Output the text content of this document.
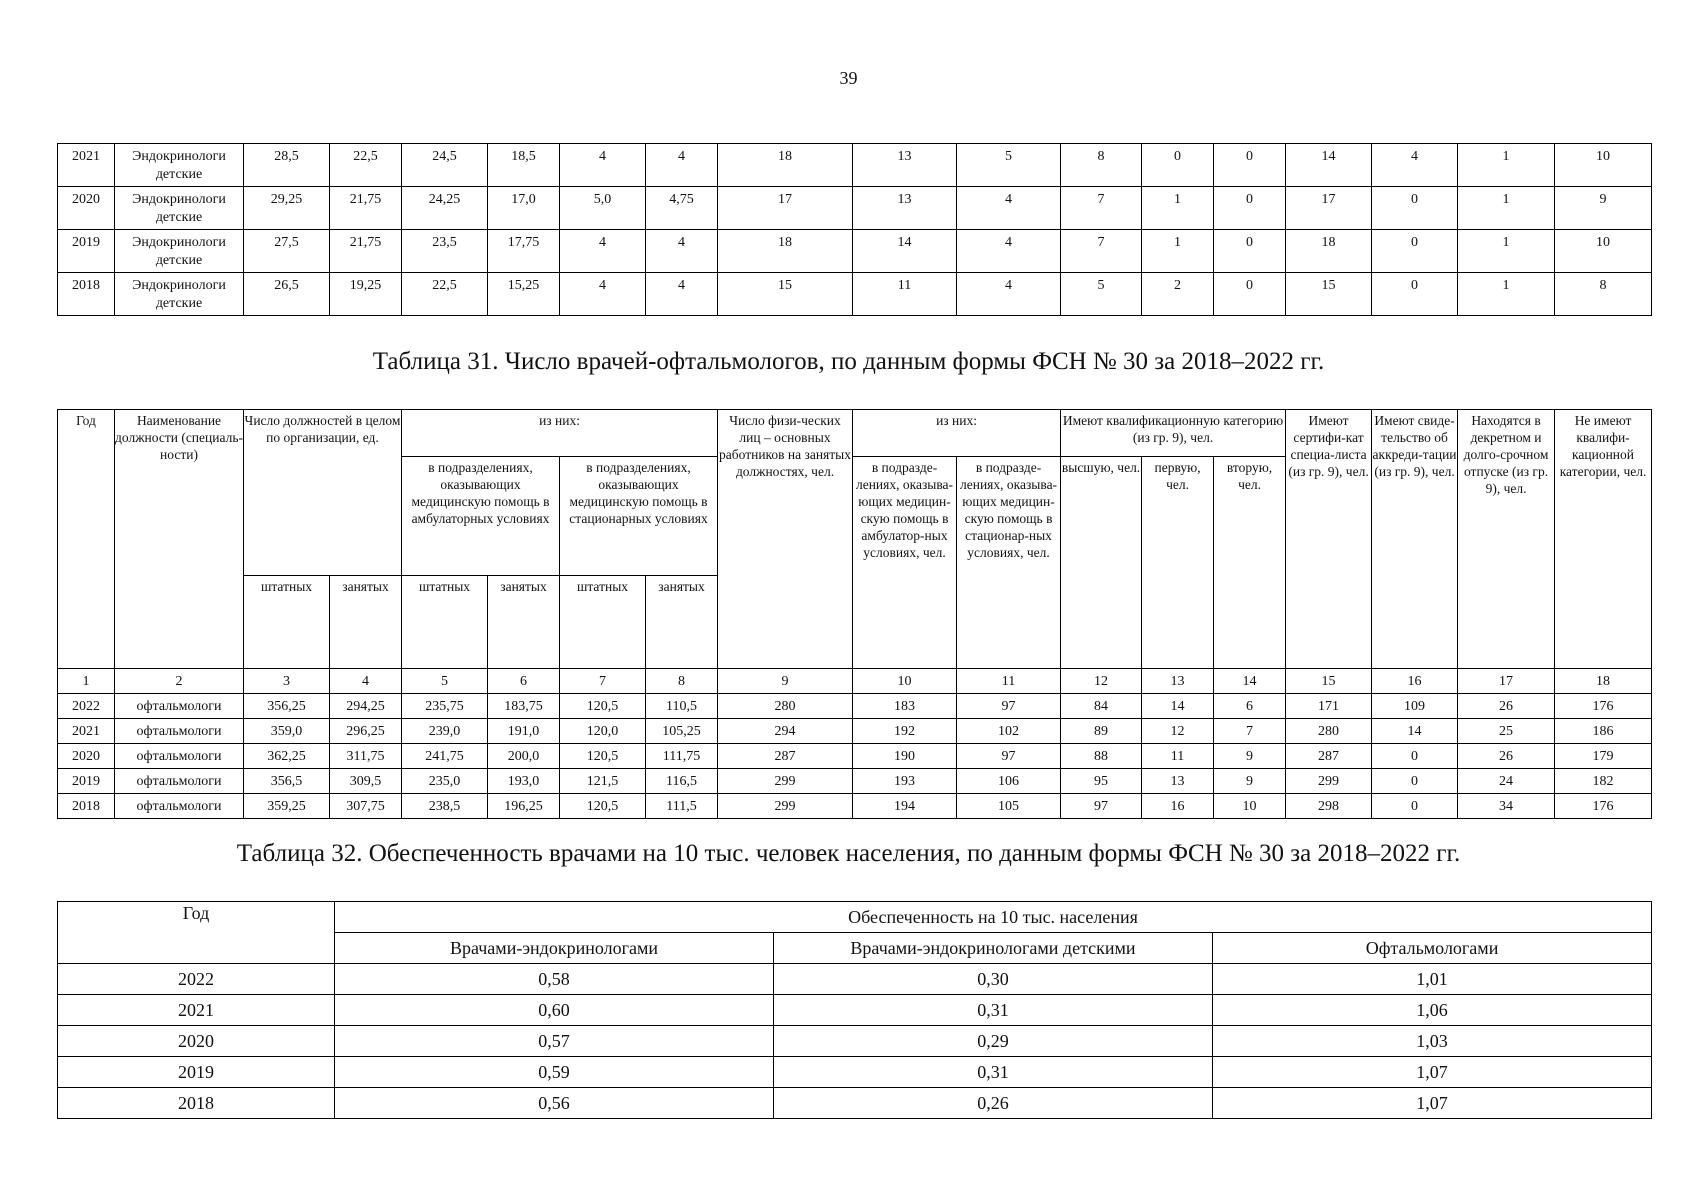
39
2021	Эндокринологи детские	28,5	22,5	24,5	18,5	4	4	18	13	5	8	0	0	14	4	1	10
2020	Эндокринологи детские	29,25	21,75	24,25	17,0	5,0	4,75	17	13	4	7	1	0	17	0	1	9
2019	Эндокринологи детские	27,5	21,75	23,5	17,75	4	4	18	14	4	7	1	0	18	0	1	10
2018	Эндокринологи детские	26,5	19,25	22,5	15,25	4	4	15	11	4	5	2	0	15	0	1	8
Таблица 31. Число врачей-офтальмологов, по данным формы ФСН № 30 за 2018–2022 гг.
Год	Наименование должности (специаль-ности)	Число должностей в целом по организации, ед.		из них:				Число физи-ческих лиц – основных работников на занятых должностях, чел.	из них:		Имеют квалификационную категорию (из гр. 9), чел.			Имеют сертифи-кат специа-листа (из гр. 9), чел.	Имеют свиде-тельство об аккреди-тации (из гр. 9), чел.	Находятся в декретном и долго-срочном отпуске (из гр. 9), чел.	Не имеют квалифи-кационной категории, чел.
				в подразделениях, оказывающих медицинскую помощь в амбулаторных условиях		в подразделениях, оказывающих медицинскую помощь в стационарных условиях			в подразде-лениях, оказыва-ющих медицин-скую помощь в амбулатор-ных условиях, чел.	в подразде-лениях, оказыва-ющих медицин-скую помощь в стационар-ных условиях, чел.	высшую, чел.	первую, чел.	вторую, чел.				
		штатных	занятых	штатных	занятых	штатных	занятых										
1	2	3	4	5	6	7	8	9	10	11	12	13	14	15	16	17	18
2022	офтальмологи	356,25	294,25	235,75	183,75	120,5	110,5	280	183	97	84	14	6	171	109	26	176
2021	офтальмологи	359,0	296,25	239,0	191,0	120,0	105,25	294	192	102	89	12	7	280	14	25	186
2020	офтальмологи	362,25	311,75	241,75	200,0	120,5	111,75	287	190	97	88	11	9	287	0	26	179
2019	офтальмологи	356,5	309,5	235,0	193,0	121,5	116,5	299	193	106	95	13	9	299	0	24	182
2018	офтальмологи	359,25	307,75	238,5	196,25	120,5	111,5	299	194	105	97	16	10	298	0	34	176
Таблица 32. Обеспеченность врачами на 10 тыс. человек населения, по данным формы ФСН № 30 за 2018–2022 гг.
Год	Обеспеченность на 10 тыс. населения		
	Врачами-эндокринологами	Врачами-эндокринологами детскими	Офтальмологами
2022	0,58	0,30	1,01
2021	0,60	0,31	1,06
2020	0,57	0,29	1,03
2019	0,59	0,31	1,07
2018	0,56	0,26	1,07
